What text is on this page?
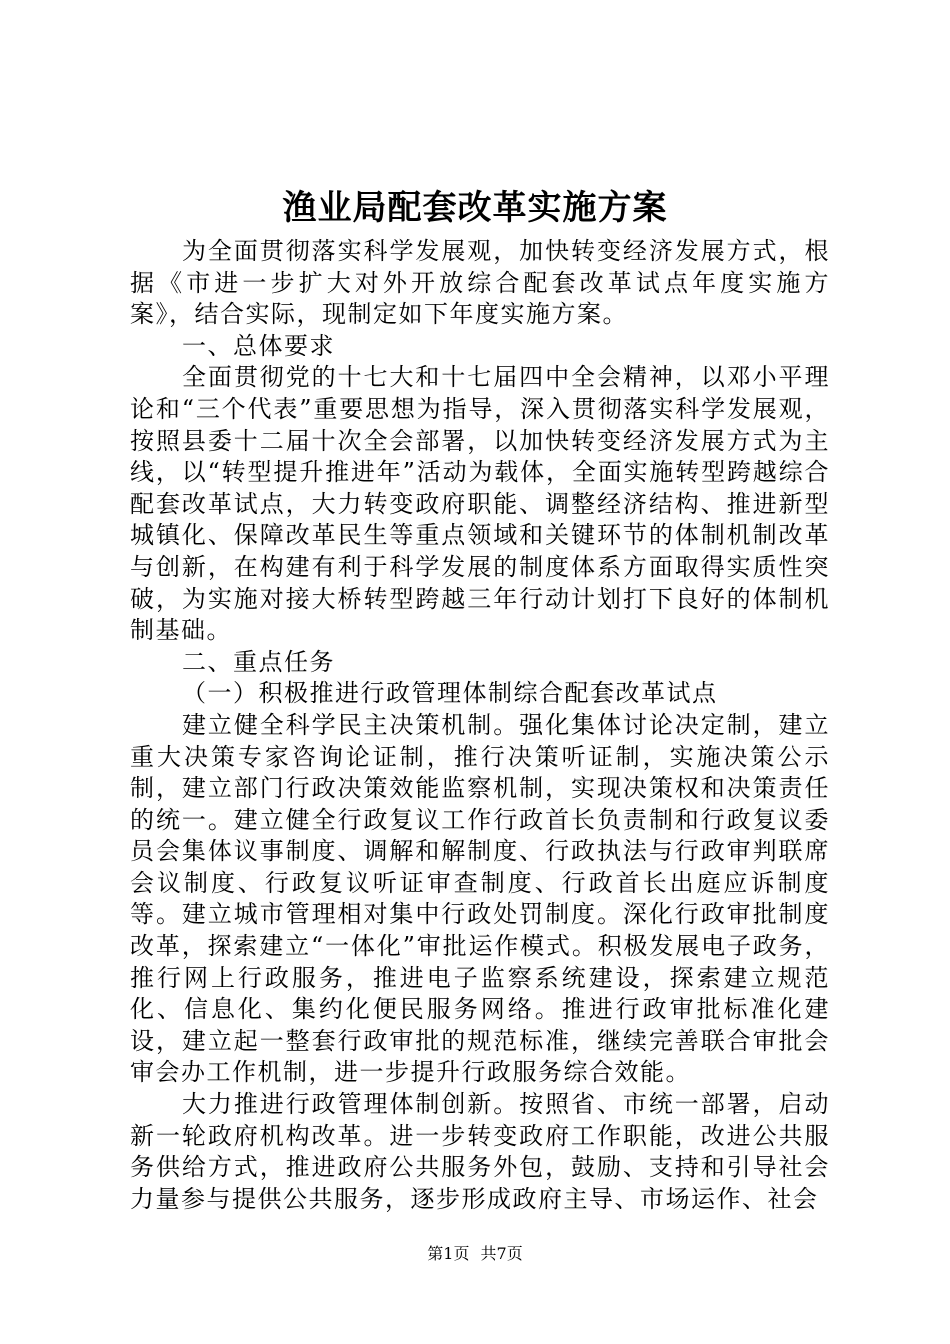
渔业局配套改革实施方案

为全面贯彻落实科学发展观，加快转变经济发展方式，根据《市进一步扩大对外开放综合配套改革试点年度实施方案》，结合实际，现制定如下年度实施方案。

一、总体要求

全面贯彻党的十七大和十七届四中全会精神，以邓小平理论和“三个代表”重要思想为指导，深入贯彻落实科学发展观，按照县委十二届十次全会部署，以加快转变经济发展方式为主线，以“转型提升推进年”活动为载体，全面实施转型跨越综合配套改革试点，大力转变政府职能、调整经济结构、推进新型城镇化、保障改革民生等重点领域和关键环节的体制机制改革与创新，在构建有利于科学发展的制度体系方面取得实质性突破，为实施对接大桥转型跨越三年行动计划打下良好的体制机制基础。

二、重点任务

（一）积极推进行政管理体制综合配套改革试点

建立健全科学民主决策机制。强化集体讨论决定制，建立重大决策专家咨询论证制，推行决策听证制，实施决策公示制，建立部门行政决策效能监察机制，实现决策权和决策责任的统一。建立健全行政复议工作行政首长负责制和行政复议委员会集体议事制度、调解和解制度、行政执法与行政审判联席会议制度、行政复议听证审查制度、行政首长出庭应诉制度等。建立城市管理相对集中行政处罚制度。深化行政审批制度改革，探索建立“一体化”审批运作模式。积极发展电子政务，推行网上行政服务，推进电子监察系统建设，探索建立规范化、信息化、集约化便民服务网络。推进行政审批标准化建设，建立起一整套行政审批的规范标准，继续完善联合审批会审会办工作机制，进一步提升行政服务综合效能。

大力推进行政管理体制创新。按照省、市统一部署，启动新一轮政府机构改革。进一步转变政府工作职能，改进公共服务供给方式，推进政府公共服务外包，鼓励、支持和引导社会力量参与提供公共服务，逐步形成政府主导、市场运作、社会

第1页 共7页
